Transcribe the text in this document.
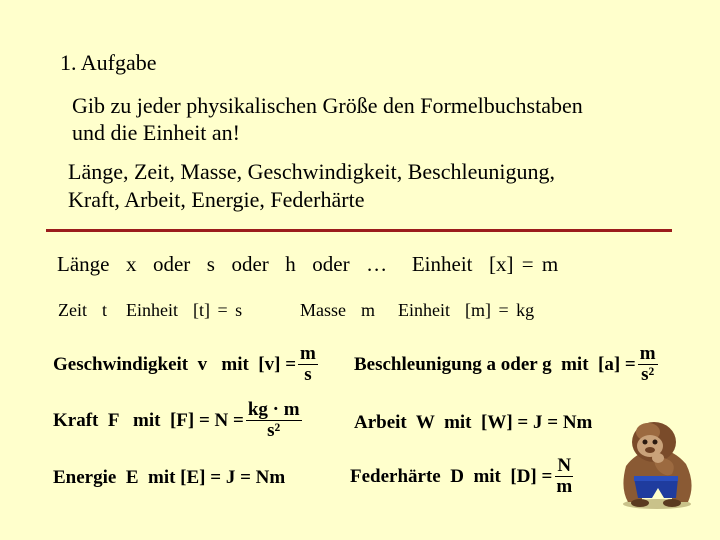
1. Aufgabe
Gib zu jeder physikalischen Größe den Formelbuchstaben
und die Einheit an!
Länge, Zeit, Masse, Geschwindigkeit, Beschleunigung,
Kraft, Arbeit, Energie, Federhärte
Länge  x  oder  s  oder  h  oder  …   Einheit  [x] = m
Zeit  t Einheit  [t] = s	Masse  m Einheit  [m] = kg
Geschwindigkeit  v   mit  $[v] = \frac{m}{s}$ Beschleunigung a oder g  mit  $[a] = \frac{m}{\text{s²}}$
Kraft  F   mit  $[F] = N = \frac{kg \cdot m}{\text{s²}}$	Arbeit  W  mit  [W] = J = Nm
Energie  E  mit [E] = J = Nm	Federhärte  D  mit  $[D] = \frac{N}{m}$
